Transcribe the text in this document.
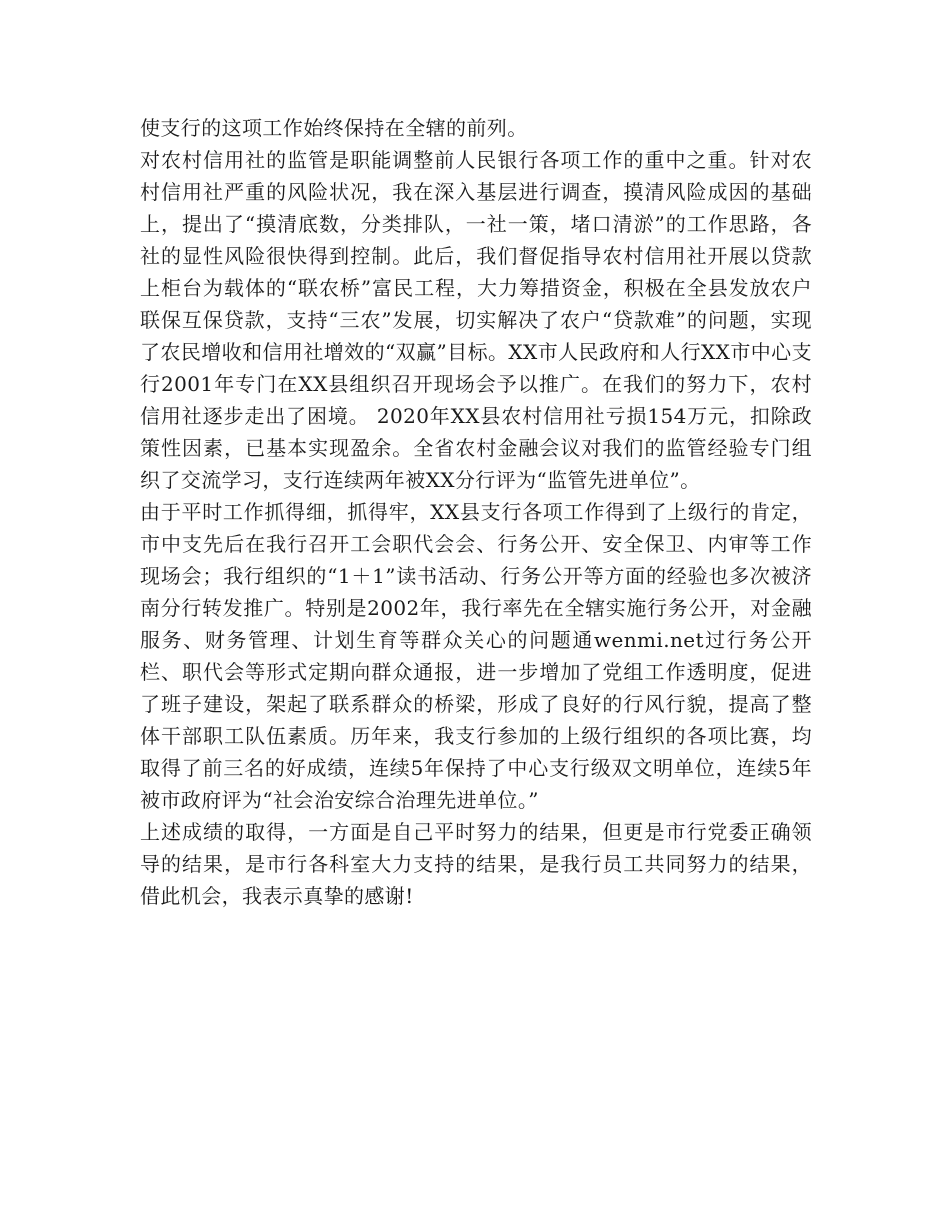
使支行的这项工作始终保持在全辖的前列。

对农村信用社的监管是职能调整前人民银行各项工作的重中之重。针对农村信用社严重的风险状况，我在深入基层进行调查，摸清风险成因的基础上，提出了“摸清底数，分类排队，一社一策，堵口清淤”的工作思路，各社的显性风险很快得到控制。此后，我们督促指导农村信用社开展以贷款上柜台为载体的“联农桥”富民工程，大力筹措资金，积极在全县发放农户联保互保贷款，支持“三农”发展，切实解决了农户“贷款难”的问题，实现了农民增收和信用社增效的“双赢”目标。XX市人民政府和人行XX市中心支行2001年专门在XX县组织召开现场会予以推广。在我们的努力下，农村信用社逐步走出了困境。 2020年XX县农村信用社亏损154万元，扣除政策性因素，已基本实现盈余。全省农村金融会议对我们的监管经验专门组织了交流学习，支行连续两年被XX分行评为“监管先进单位”。

由于平时工作抓得细，抓得牢，XX县支行各项工作得到了上级行的肯定，市中支先后在我行召开工会职代会会、行务公开、安全保卫、内审等工作现场会；我行组织的“1＋1”读书活动、行务公开等方面的经验也多次被济南分行转发推广。特别是2002年，我行率先在全辖实施行务公开，对金融服务、财务管理、计划生育等群众关心的问题通wenmi.net过行务公开栏、职代会等形式定期向群众通报，进一步增加了党组工作透明度，促进了班子建设，架起了联系群众的桥梁，形成了良好的行风行貌，提高了整体干部职工队伍素质。历年来，我支行参加的上级行组织的各项比赛，均取得了前三名的好成绩，连续5年保持了中心支行级双文明单位，连续5年被市政府评为“社会治安综合治理先进单位。”

上述成绩的取得，一方面是自己平时努力的结果，但更是市行党委正确领导的结果，是市行各科室大力支持的结果，是我行员工共同努力的结果，借此机会，我表示真挚的感谢!
